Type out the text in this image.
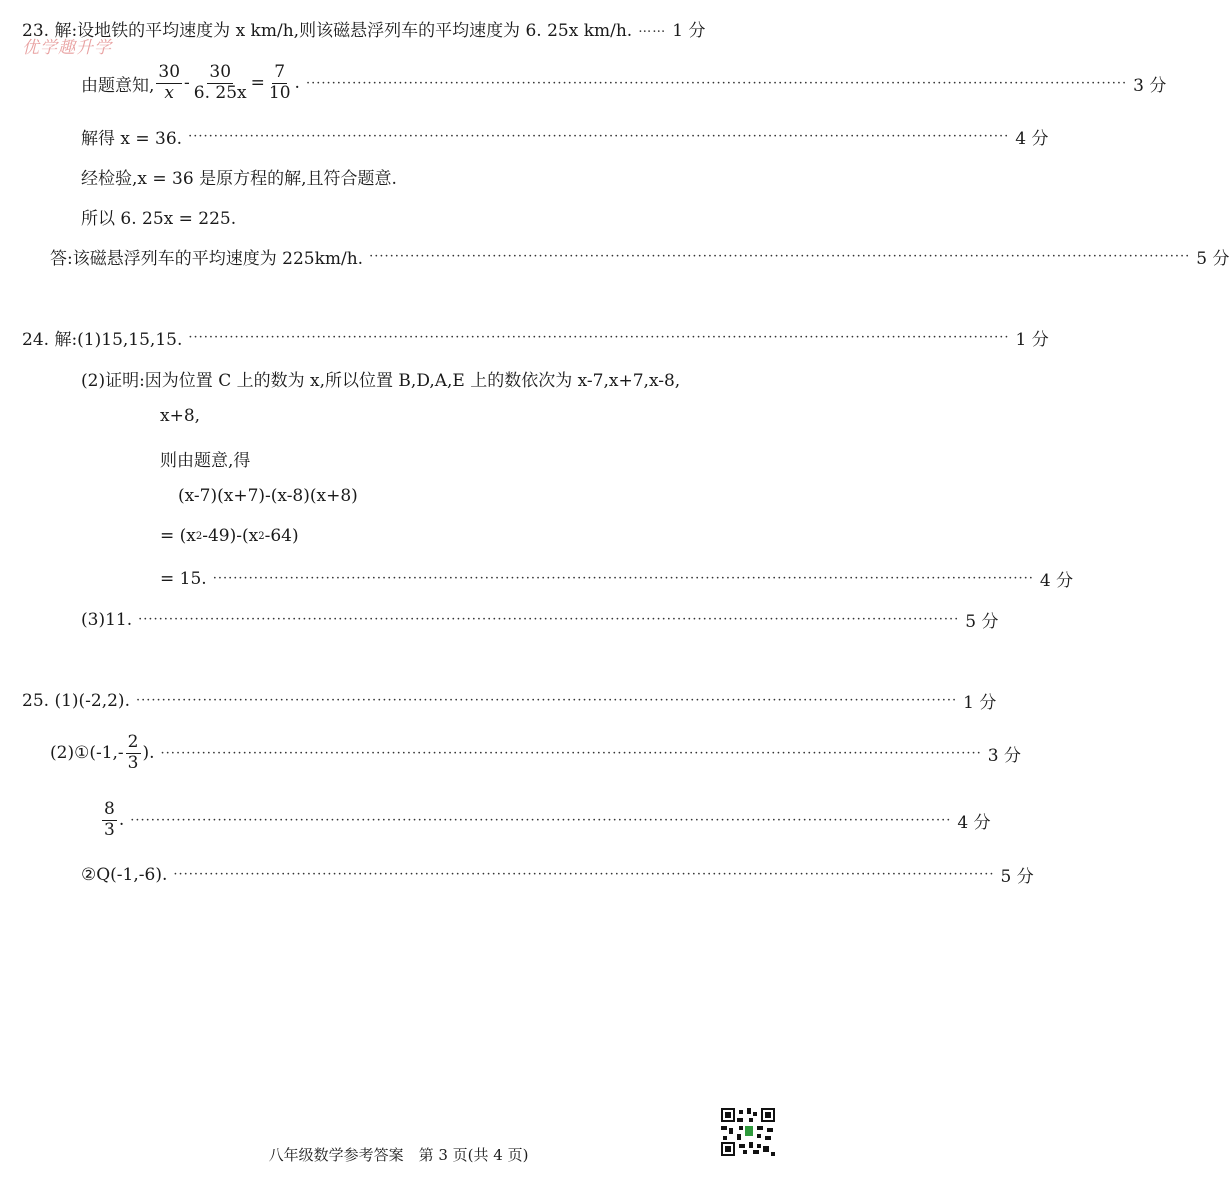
优学趣升学
23. 解:设地铁的平均速度为 x km/h,则该磁悬浮列车的平均速度为 6. 25x km/h. …… 1 分
由题意知, $\frac{30}{x} - \frac{30}{6. 25x} = \frac{7}{10}$ . ································································································································································ 3 分
解得 x = 36. ································································································································································ 4 分
经检验,x = 36 是原方程的解,且符合题意.
所以 6. 25x = 225.
答:该磁悬浮列车的平均速度为 225km/h. ································································································································································ 5 分
24. 解:(1)15,15,15. ································································································································································ 1 分
(2)证明:因为位置 C 上的数为 x,所以位置 B,D,A,E 上的数依次为 x-7,x+7,x-8,
x+8,
则由题意,得
(x-7)(x+7)-(x-8)(x+8)
= (x 2 -49)-(x 2 -64)
= 15. ································································································································································ 4 分
(3)11. ································································································································································ 5 分
25. (1)(-2,2). ································································································································································ 1 分
(2)①(-1,- $\frac{2}{3}$ ). ································································································································································ 3 分
$\frac{8}{3}$ . ································································································································································ 4 分
②Q(-1,-6). ································································································································································ 5 分
八年级数学参考答案　第 3 页(共 4 页)
